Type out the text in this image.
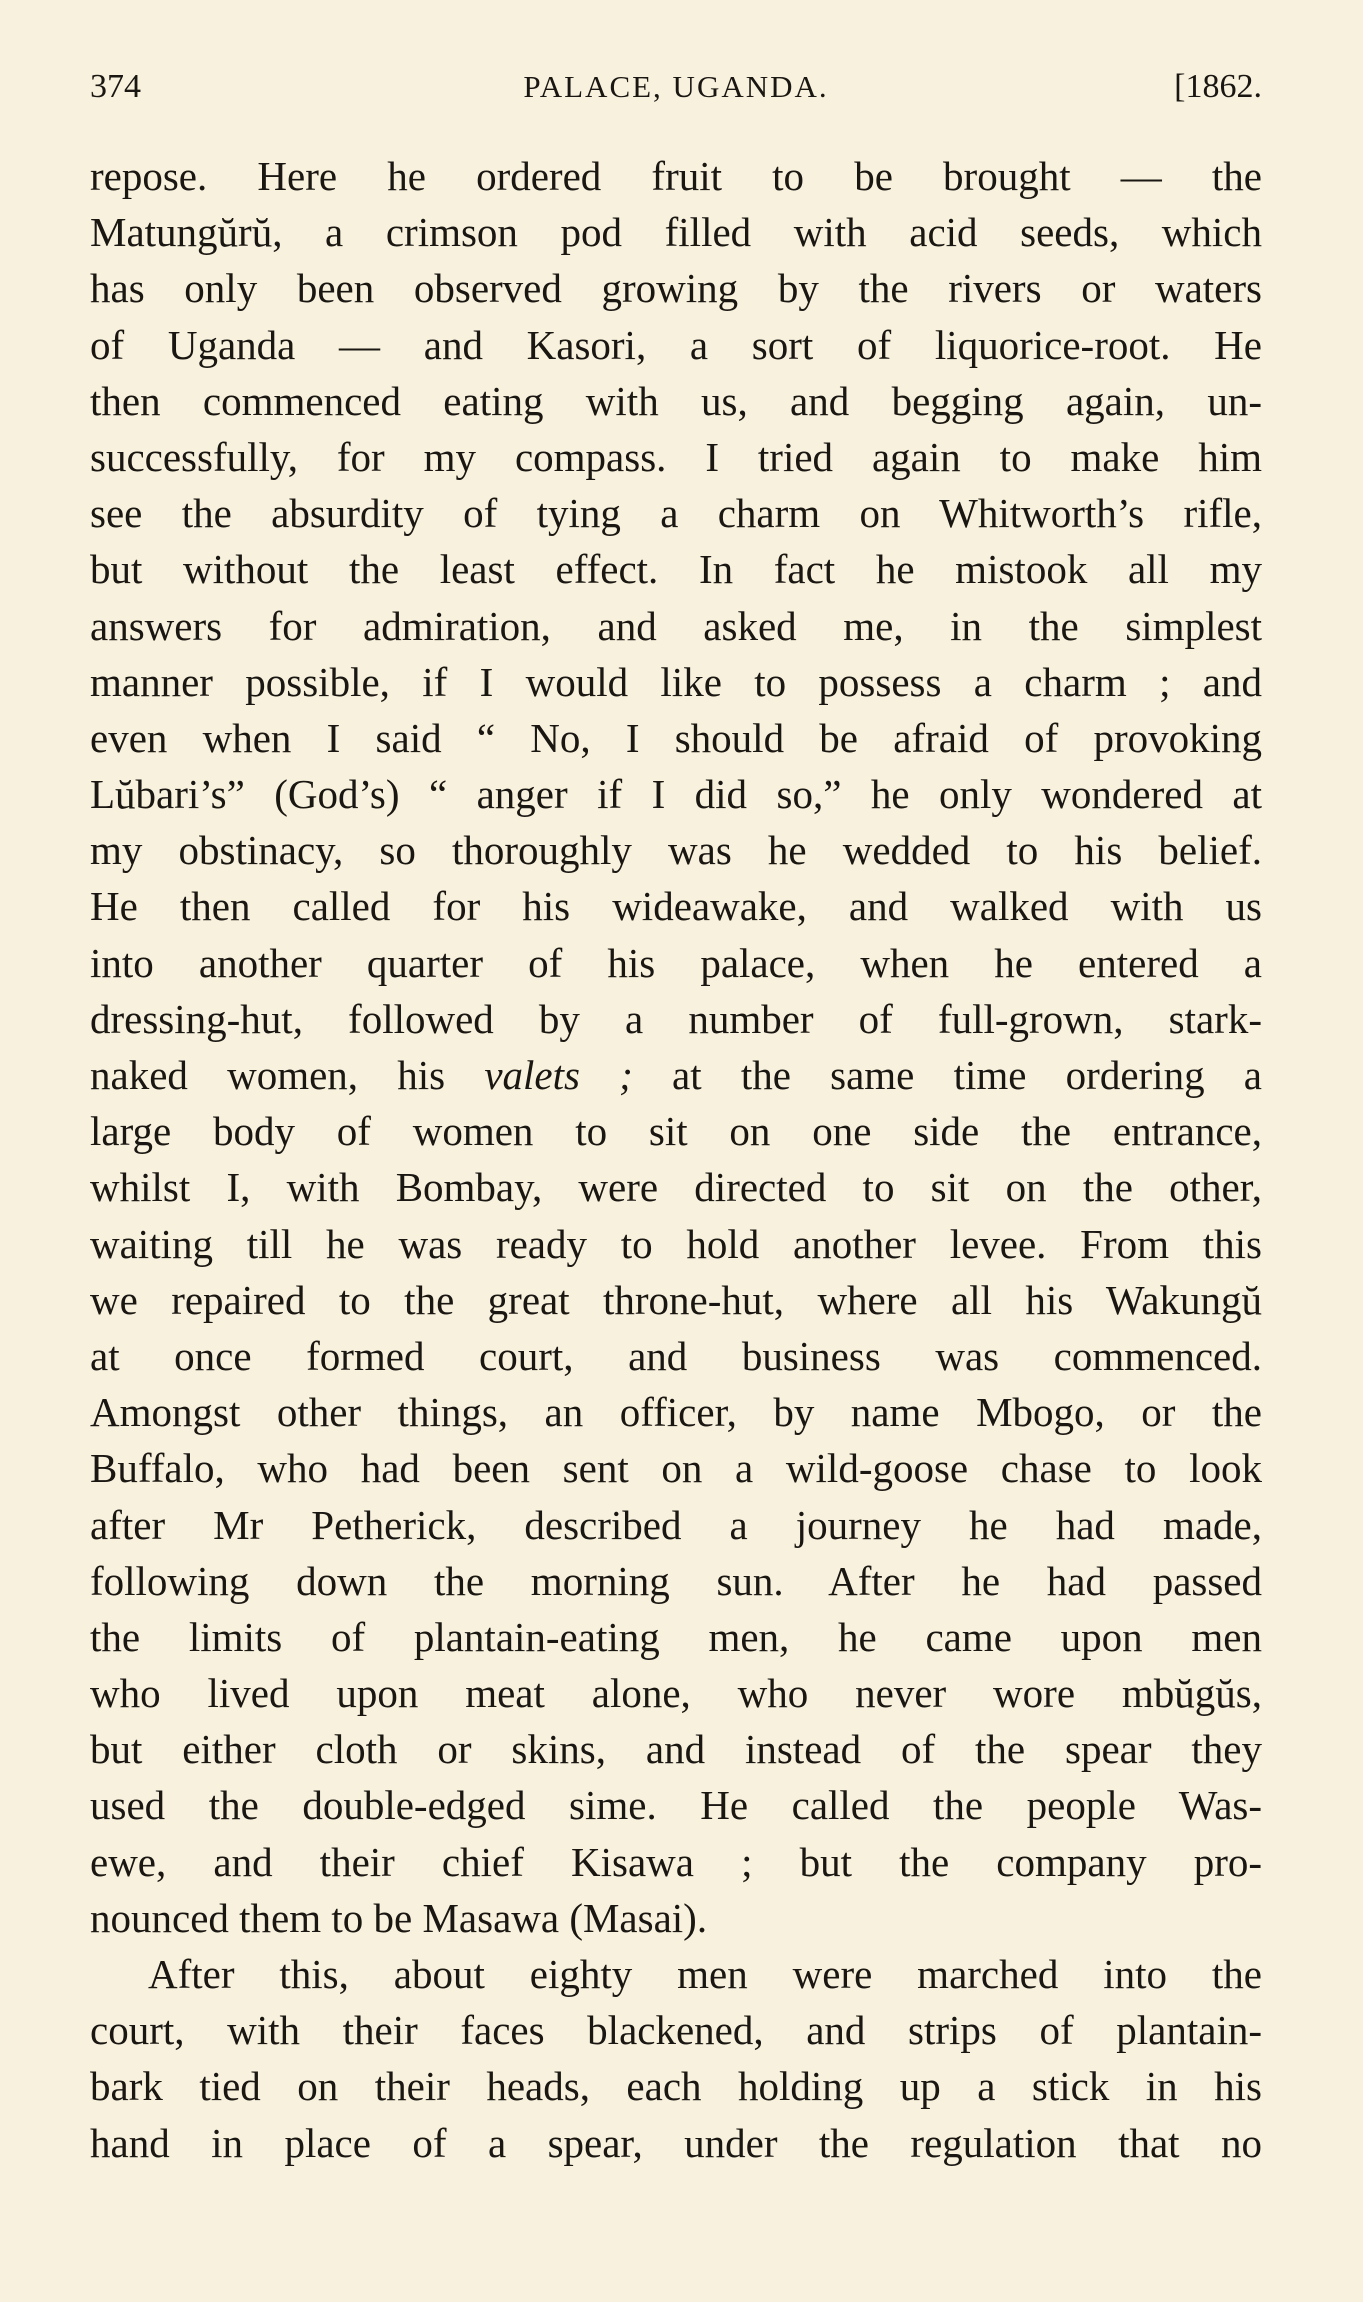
374	PALACE, UGANDA.	[1862.
repose. Here he ordered fruit to be brought — the
Matungŭrŭ, a crimson pod filled with acid seeds, which
has only been observed growing by the rivers or waters
of Uganda — and Kasori, a sort of liquorice-root. He
then commenced eating with us, and begging again, un-
successfully, for my compass. I tried again to make him
see the absurdity of tying a charm on Whitworth’s rifle,
but without the least effect. In fact he mistook all my
answers for admiration, and asked me, in the simplest
manner possible, if I would like to possess a charm ; and
even when I said “ No, I should be afraid of provoking
Lŭbari’s” (God’s) “ anger if I did so,” he only wondered at
my obstinacy, so thoroughly was he wedded to his belief.
He then called for his wideawake, and walked with us
into another quarter of his palace, when he entered a
dressing-hut, followed by a number of full-grown, stark-
naked women, his valets ; at the same time ordering a
large body of women to sit on one side the entrance,
whilst I, with Bombay, were directed to sit on the other,
waiting till he was ready to hold another levee. From this
we repaired to the great throne-hut, where all his Wakungŭ
at once formed court, and business was commenced.
Amongst other things, an officer, by name Mbogo, or the
Buffalo, who had been sent on a wild-goose chase to look
after Mr Petherick, described a journey he had made,
following down the morning sun. After he had passed
the limits of plantain-eating men, he came upon men
who lived upon meat alone, who never wore mbŭgŭs,
but either cloth or skins, and instead of the spear they
used the double-edged sime. He called the people Was-
ewe, and their chief Kisawa ; but the company pro-
nounced them to be Masawa (Masai).
After this, about eighty men were marched into the
court, with their faces blackened, and strips of plantain-
bark tied on their heads, each holding up a stick in his
hand in place of a spear, under the regulation that no
